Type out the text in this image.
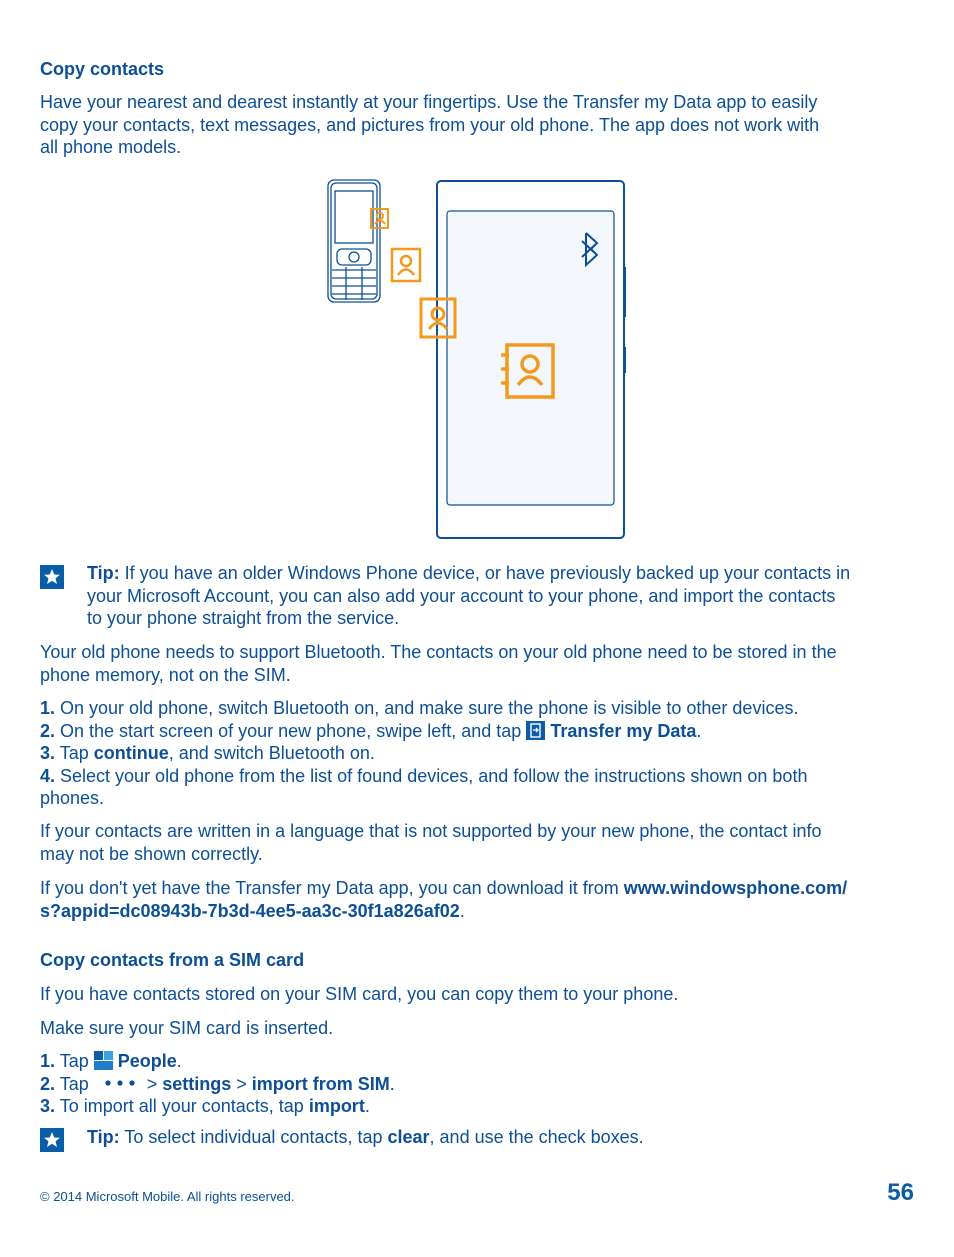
Copy contacts
Have your nearest and dearest instantly at your fingertips. Use the Transfer my Data app to easily
copy your contacts, text messages, and pictures from your old phone. The app does not work with
all phone models.
Tip: If you have an older Windows Phone device, or have previously backed up your contacts in
your Microsoft Account, you can also add your account to your phone, and import the contacts
to your phone straight from the service.
Your old phone needs to support Bluetooth. The contacts on your old phone need to be stored in the
phone memory, not on the SIM.
1. On your old phone, switch Bluetooth on, and make sure the phone is visible to other devices.
2. On the start screen of your new phone, swipe left, and tap  Transfer my Data.
3. Tap continue, and switch Bluetooth on.
4. Select your old phone from the list of found devices, and follow the instructions shown on both
phones.
If your contacts are written in a language that is not supported by your new phone, the contact info
may not be shown correctly.
If you don't yet have the Transfer my Data app, you can download it from www.windowsphone.com/
s?appid=dc08943b-7b3d-4ee5-aa3c-30f1a826af02.
Copy contacts from a SIM card
If you have contacts stored on your SIM card, you can copy them to your phone.
Make sure your SIM card is inserted.
1. Tap  People.
2. Tap	> settings > import from SIM.
3. To import all your contacts, tap import.
Tip: To select individual contacts, tap clear, and use the check boxes.
© 2014 Microsoft Mobile. All rights reserved.	56
